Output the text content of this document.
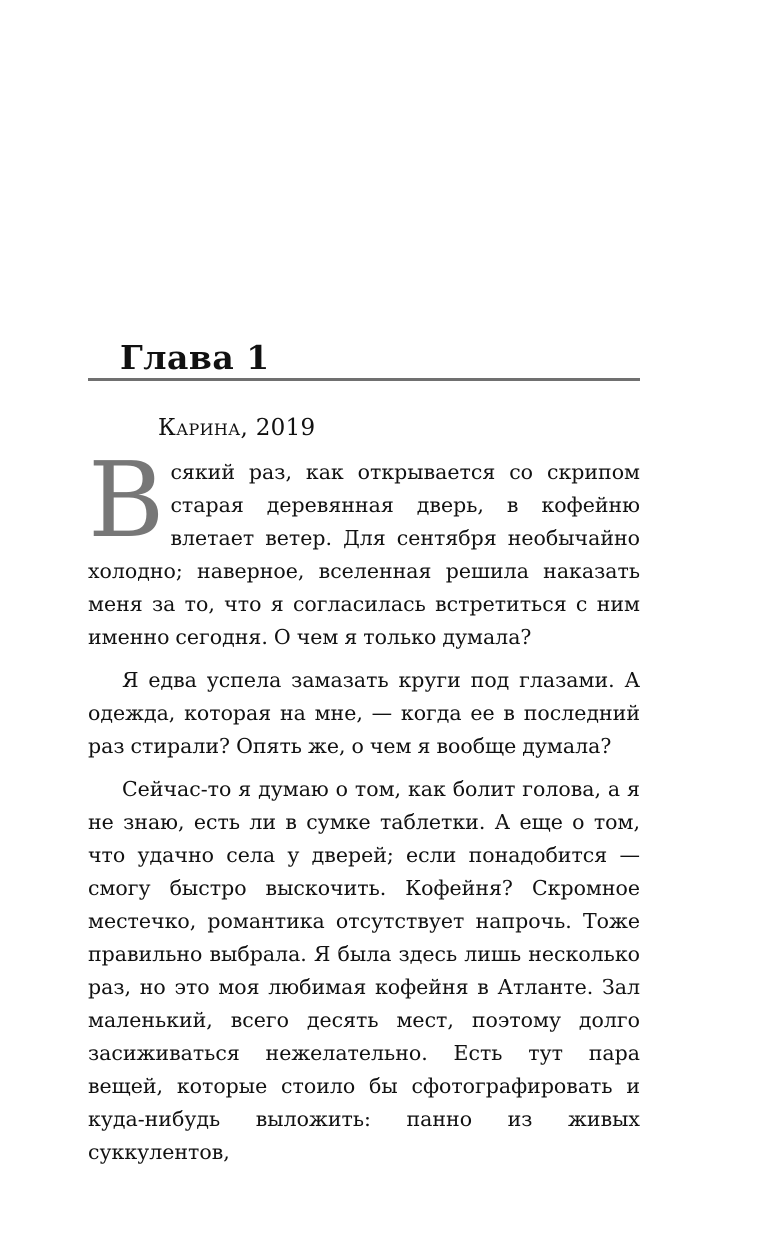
Глава 1

Карина, 2019

Всякий раз, как открывается со скрипом старая деревянная дверь, в кофейню влетает ветер. Для сентября необычайно холодно; наверное, вселенная решила наказать меня за то, что я согласилась встретиться с ним именно сегодня. О чем я только думала?

Я едва успела замазать круги под глазами. А одежда, которая на мне, — когда ее в последний раз стирали? Опять же, о чем я вообще думала?

Сейчас-то я думаю о том, как болит голова, а я не знаю, есть ли в сумке таблетки. А еще о том, что удачно села у дверей; если понадобится — смогу быстро выскочить. Кофейня? Скромное местечко, романтика отсутствует напрочь. Тоже правильно выбрала. Я была здесь лишь несколько раз, но это моя любимая кофейня в Атланте. Зал маленький, всего десять мест, поэтому долго засиживаться нежелательно. Есть тут пара вещей, которые стоило бы сфотографировать и куда-нибудь выложить: панно из живых суккулентов,
